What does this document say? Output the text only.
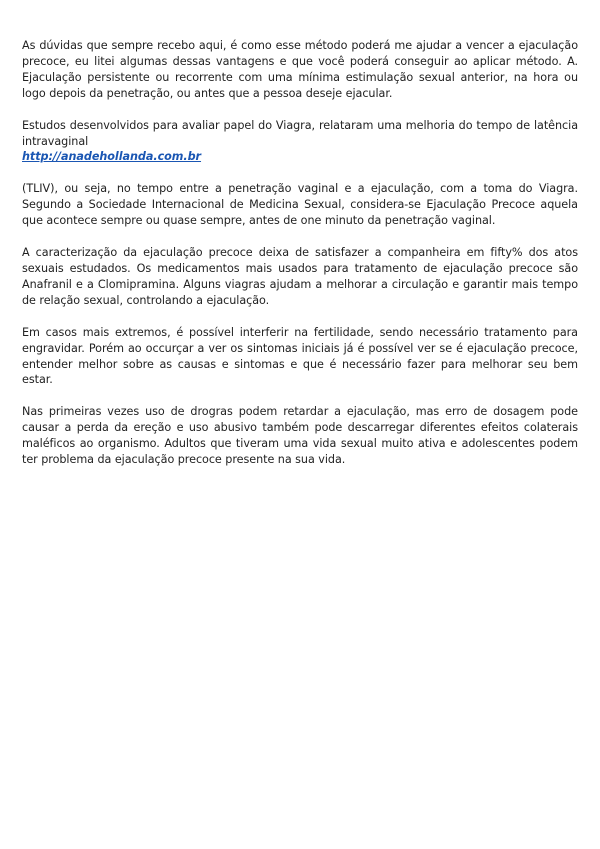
As dúvidas que sempre recebo aqui, é como esse método poderá me ajudar a vencer a ejaculação precoce, eu litei algumas dessas vantagens e que você poderá conseguir ao aplicar método. A. Ejaculação persistente ou recorrente com uma mínima estimulação sexual anterior, na hora ou logo depois da penetração, ou antes que a pessoa deseje ejacular.

Estudos desenvolvidos para avaliar papel do Viagra, relataram uma melhoria do tempo de latência intravaginal
http://anadehollanda.com.br

(TLIV), ou seja, no tempo entre a penetração vaginal e a ejaculação, com a toma do Viagra. Segundo a Sociedade Internacional de Medicina Sexual, considera-se Ejaculação Precoce aquela que acontece sempre ou quase sempre, antes de one minuto da penetração vaginal.

A caracterização da ejaculação precoce deixa de satisfazer a companheira em fifty% dos atos sexuais estudados. Os medicamentos mais usados para tratamento de ejaculação precoce são Anafranil e a Clomipramina. Alguns viagras ajudam a melhorar a circulação e garantir mais tempo de relação sexual, controlando a ejaculação.

Em casos mais extremos, é possível interferir na fertilidade, sendo necessário tratamento para engravidar. Porém ao occurçar a ver os sintomas iniciais já é possível ver se é ejaculação precoce, entender melhor sobre as causas e sintomas e que é necessário fazer para melhorar seu bem estar.

Nas primeiras vezes uso de drogras podem retardar a ejaculação, mas erro de dosagem pode causar a perda da ereção e uso abusivo também pode descarregar diferentes efeitos colaterais maléficos ao organismo. Adultos que tiveram uma vida sexual muito ativa e adolescentes podem ter problema da ejaculação precoce presente na sua vida.
